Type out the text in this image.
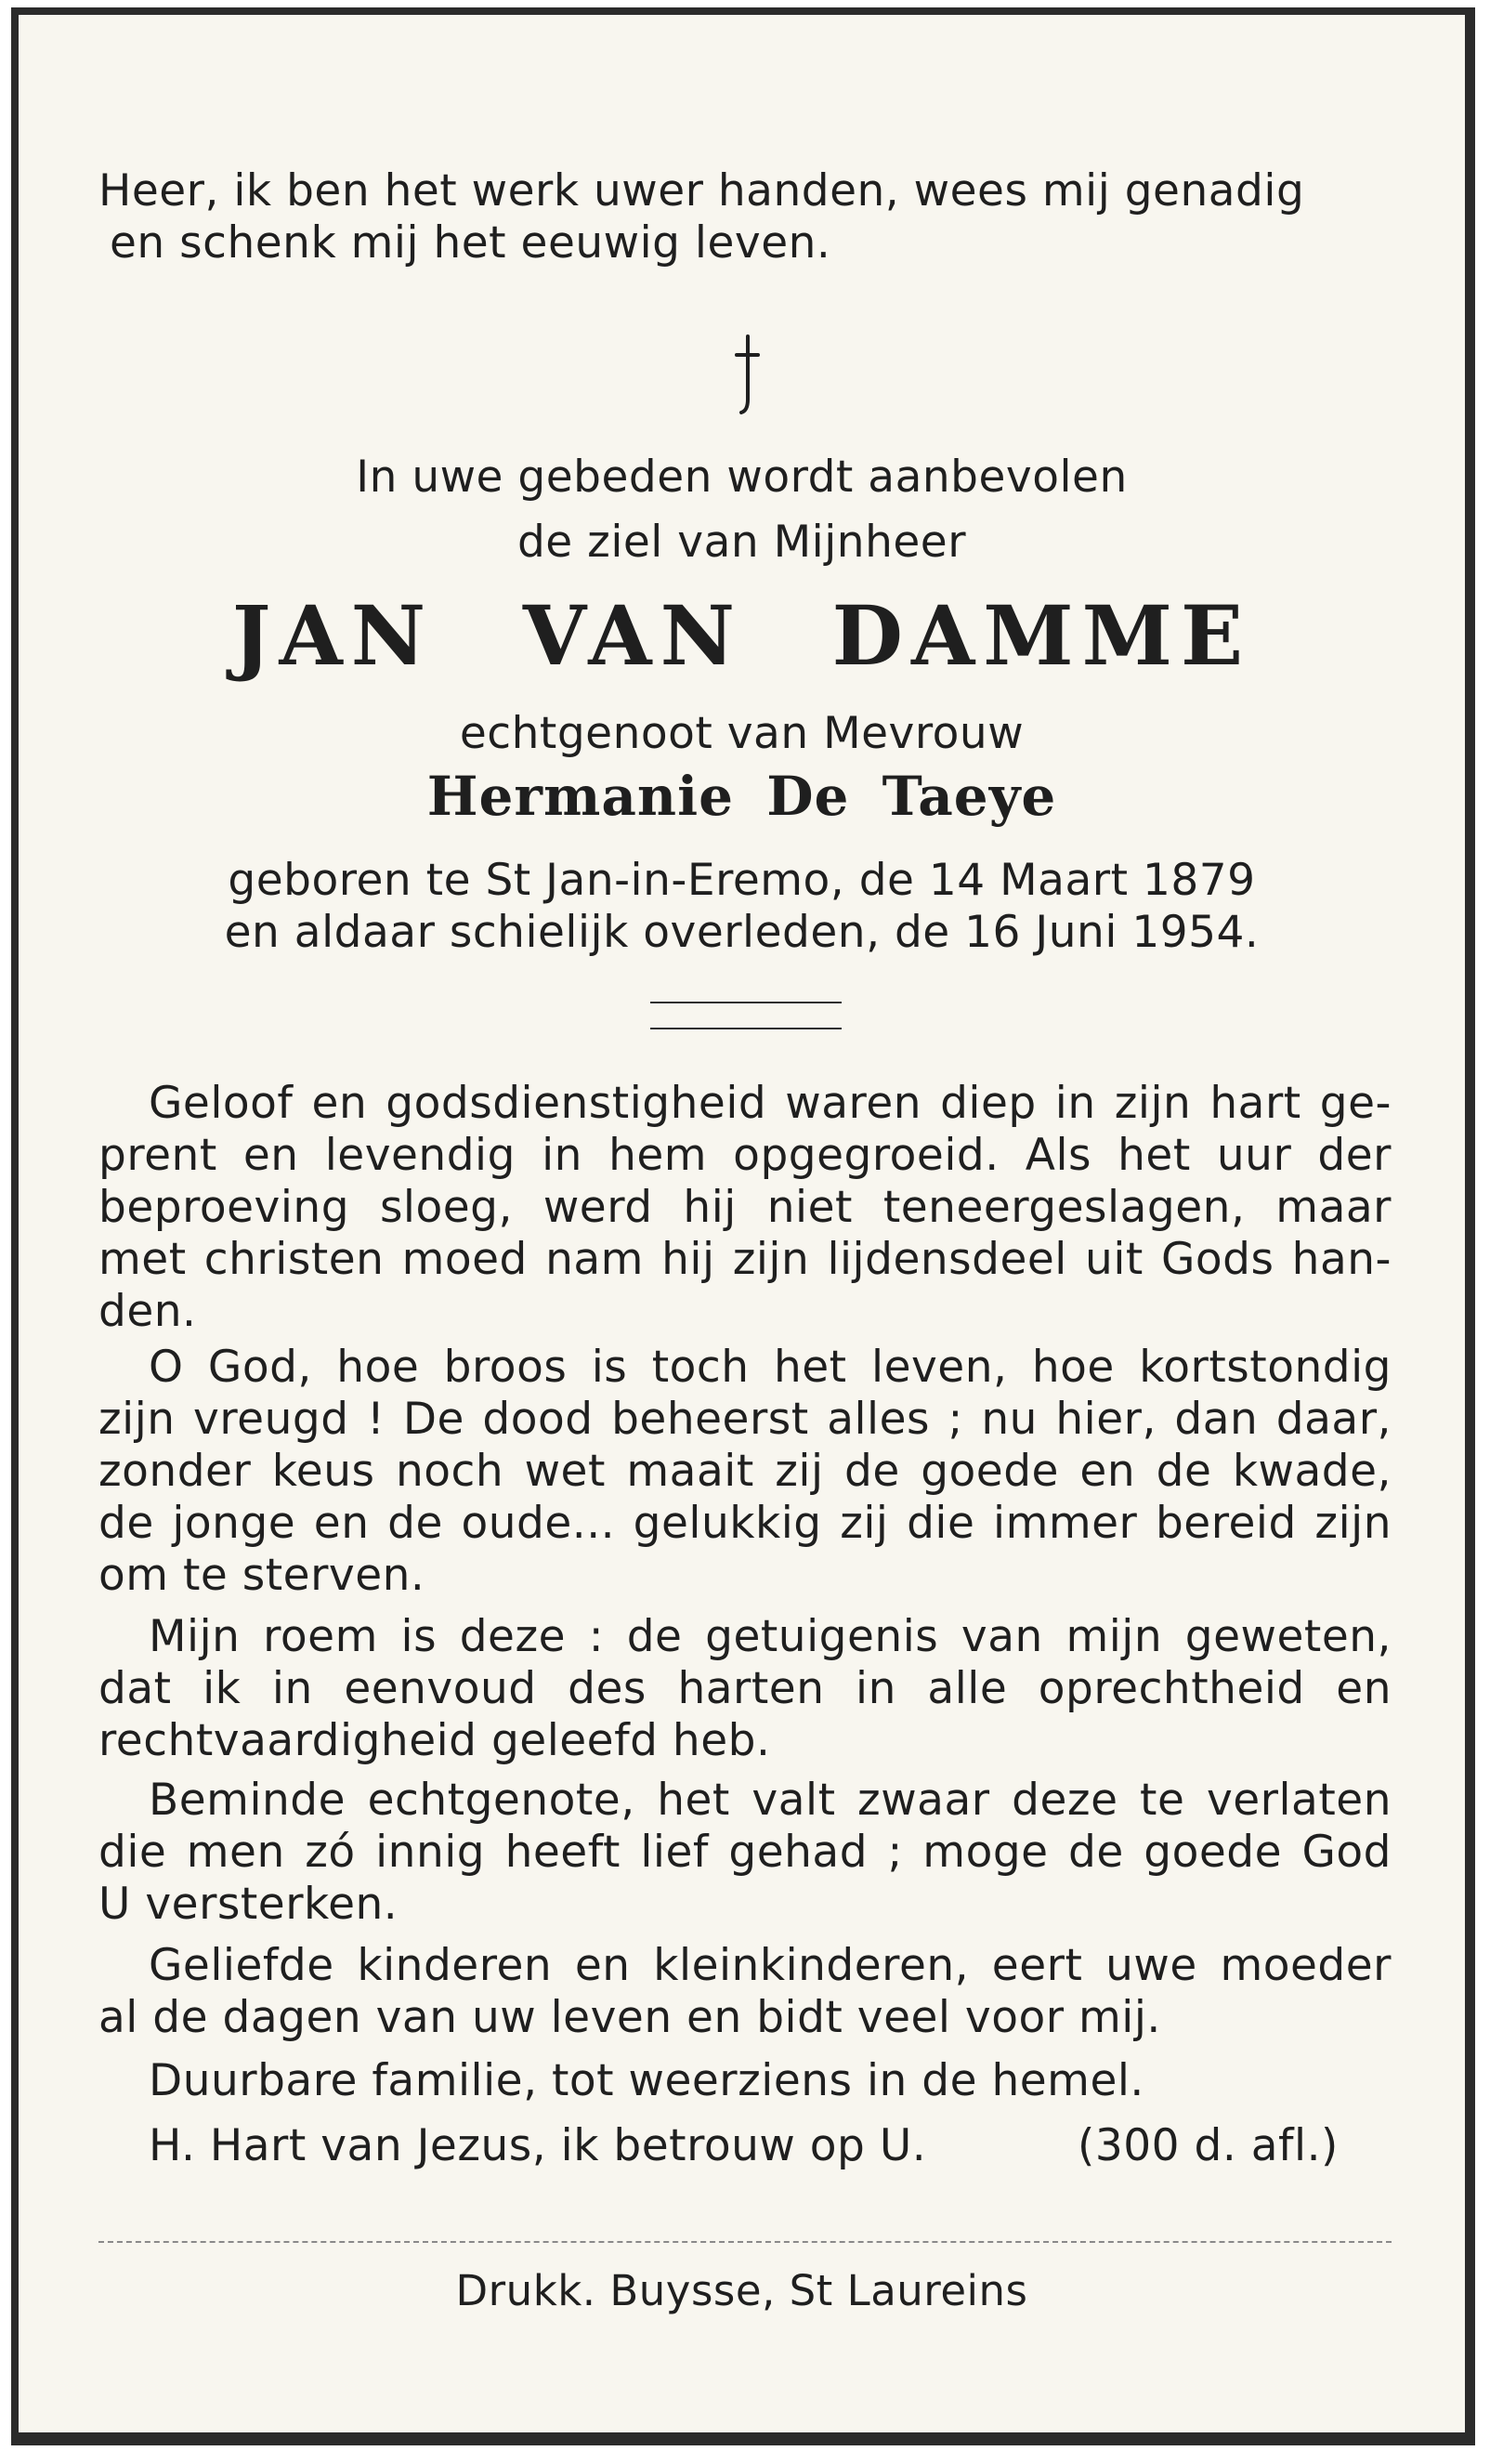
Heer, ik ben het werk uwer handen, wees mij genadig
en schenk mij het eeuwig leven.
In uwe gebeden wordt aanbevolen
de ziel van Mijnheer
JAN VAN DAMME
echtgenoot van Mevrouw
Hermanie De Taeye
geboren te St Jan-in-Eremo, de 14 Maart 1879
en aldaar schielijk overleden, de 16 Juni 1954.
Geloof en godsdienstigheid waren diep in zijn hart ge-
prent en levendig in hem opgegroeid. Als het uur der
beproeving sloeg, werd hij niet teneergeslagen, maar
met christen moed nam hij zijn lijdensdeel uit Gods han-
den.
O God, hoe broos is toch het leven, hoe kortstondig
zijn vreugd ! De dood beheerst alles ; nu hier, dan daar,
zonder keus noch wet maait zij de goede en de kwade,
de jonge en de oude... gelukkig zij die immer bereid zijn
om te sterven.
Mijn roem is deze : de getuigenis van mijn geweten,
dat ik in eenvoud des harten in alle oprechtheid en
rechtvaardigheid geleefd heb.
Beminde echtgenote, het valt zwaar deze te verlaten
die men zó innig heeft lief gehad ; moge de goede God
U versterken.
Geliefde kinderen en kleinkinderen, eert uwe moeder
al de dagen van uw leven en bidt veel voor mij.
Duurbare familie, tot weerziens in de hemel.
H. Hart van Jezus, ik betrouw op U.	(300 d. afl.)
Drukk. Buysse, St Laureins
